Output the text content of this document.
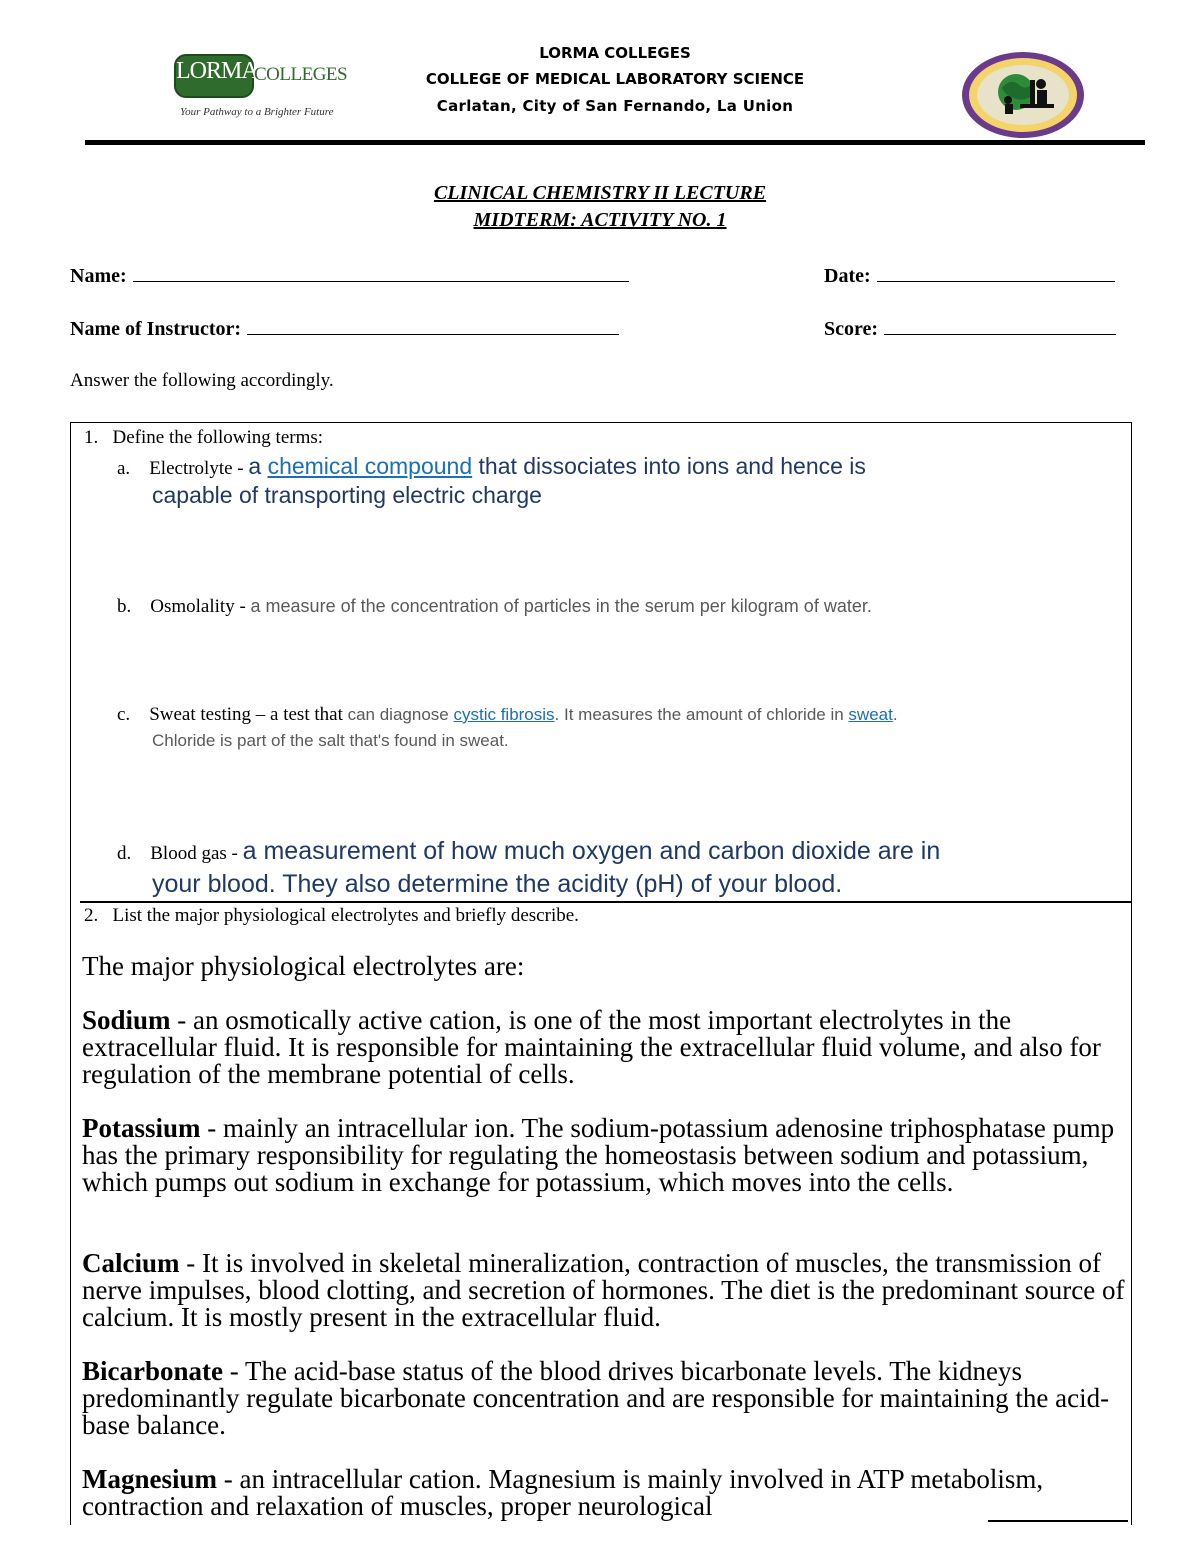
LORMA
COLLEGES
Your Pathway to a Brighter Future
LORMA COLLEGES
COLLEGE OF MEDICAL LABORATORY SCIENCE
Carlatan, City of San Fernando, La Union
CLINICAL CHEMISTRY II LECTURE
MIDTERM: ACTIVITY NO. 1
Name:	Date:
Name of Instructor:	Score:
Answer the following accordingly.
1. Define the following terms:
a. Electrolyte - a chemical compound that dissociates into ions and hence is
capable of transporting electric charge
b. Osmolality - a measure of the concentration of particles in the serum per kilogram of water.
c. Sweat testing – a test that can diagnose cystic fibrosis. It measures the amount of chloride in sweat.
Chloride is part of the salt that's found in sweat.
d. Blood gas - a measurement of how much oxygen and carbon dioxide are in
your blood. They also determine the acidity (pH) of your blood.
2. List the major physiological electrolytes and briefly describe.
The major physiological electrolytes are:
Sodium - an osmotically active cation, is one of the most important electrolytes in the extracellular fluid. It is responsible for maintaining the extracellular fluid volume, and also for regulation of the membrane potential of cells.
Potassium - mainly an intracellular ion. The sodium-potassium adenosine triphosphatase pump has the primary responsibility for regulating the homeostasis between sodium and potassium, which pumps out sodium in exchange for potassium, which moves into the cells.
Calcium - It is involved in skeletal mineralization, contraction of muscles, the transmission of nerve impulses, blood clotting, and secretion of hormones. The diet is the predominant source of calcium. It is mostly present in the extracellular fluid.
Bicarbonate - The acid-base status of the blood drives bicarbonate levels. The kidneys predominantly regulate bicarbonate concentration and are responsible for maintaining the acid-base balance.
Magnesium - an intracellular cation. Magnesium is mainly involved in ATP metabolism, contraction and relaxation of muscles, proper neurological
